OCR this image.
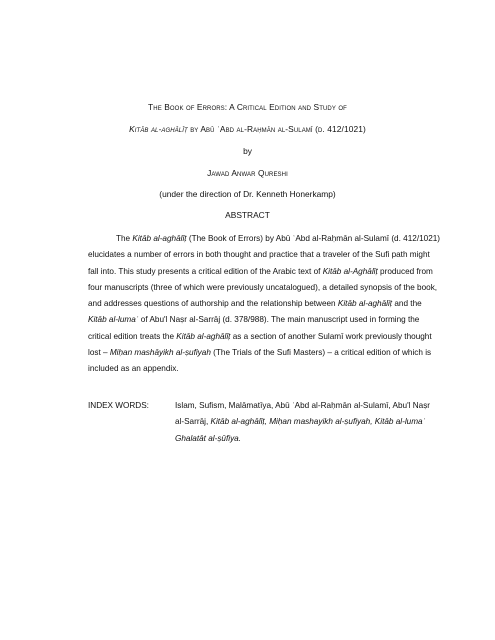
The Book of Errors: A Critical Edition and Study of
Kitāb al-aghālīṭ by Abū ʿAbd al-Raḥmān al-Sulamī (d. 412/1021)
by
Jawad Anwar Qureshi
(under the direction of Dr. Kenneth Honerkamp)
ABSTRACT
The Kitāb al-aghālīṭ (The Book of Errors) by Abū ʿAbd al-Raḥmān al-Sulamī (d. 412/1021)
elucidates a number of errors in both thought and practice that a traveler of the Sufi path might
fall into. This study presents a critical edition of the Arabic text of Kitāb al-Aghālīṭ produced from
four manuscripts (three of which were previously uncatalogued), a detailed synopsis of the book,
and addresses questions of authorship and the relationship between Kitāb al-aghālīṭ and the
Kitāb al-lumaʿ of Abu'l Naṣr al-Sarrāj (d. 378/988). The main manuscript used in forming the
critical edition treats the Kitāb al-aghālīṭ as a section of another Sulamī work previously thought
lost – Miḥan mashāyikh al-ṣufiyah (The Trials of the Sufi Masters) – a critical edition of which is
included as an appendix.
INDEX WORDS:	Islam, Sufism, Malāmatīya, Abū ʿAbd al-Raḥmān al-Sulamī, Abu'l Naṣr
al-Sarrāj, Kitāb al-aghālīṭ, Miḥan mashayikh al-ṣufiyah, Kitāb al-lumaʿ
Ghalatāt al-ṣūfiya.
